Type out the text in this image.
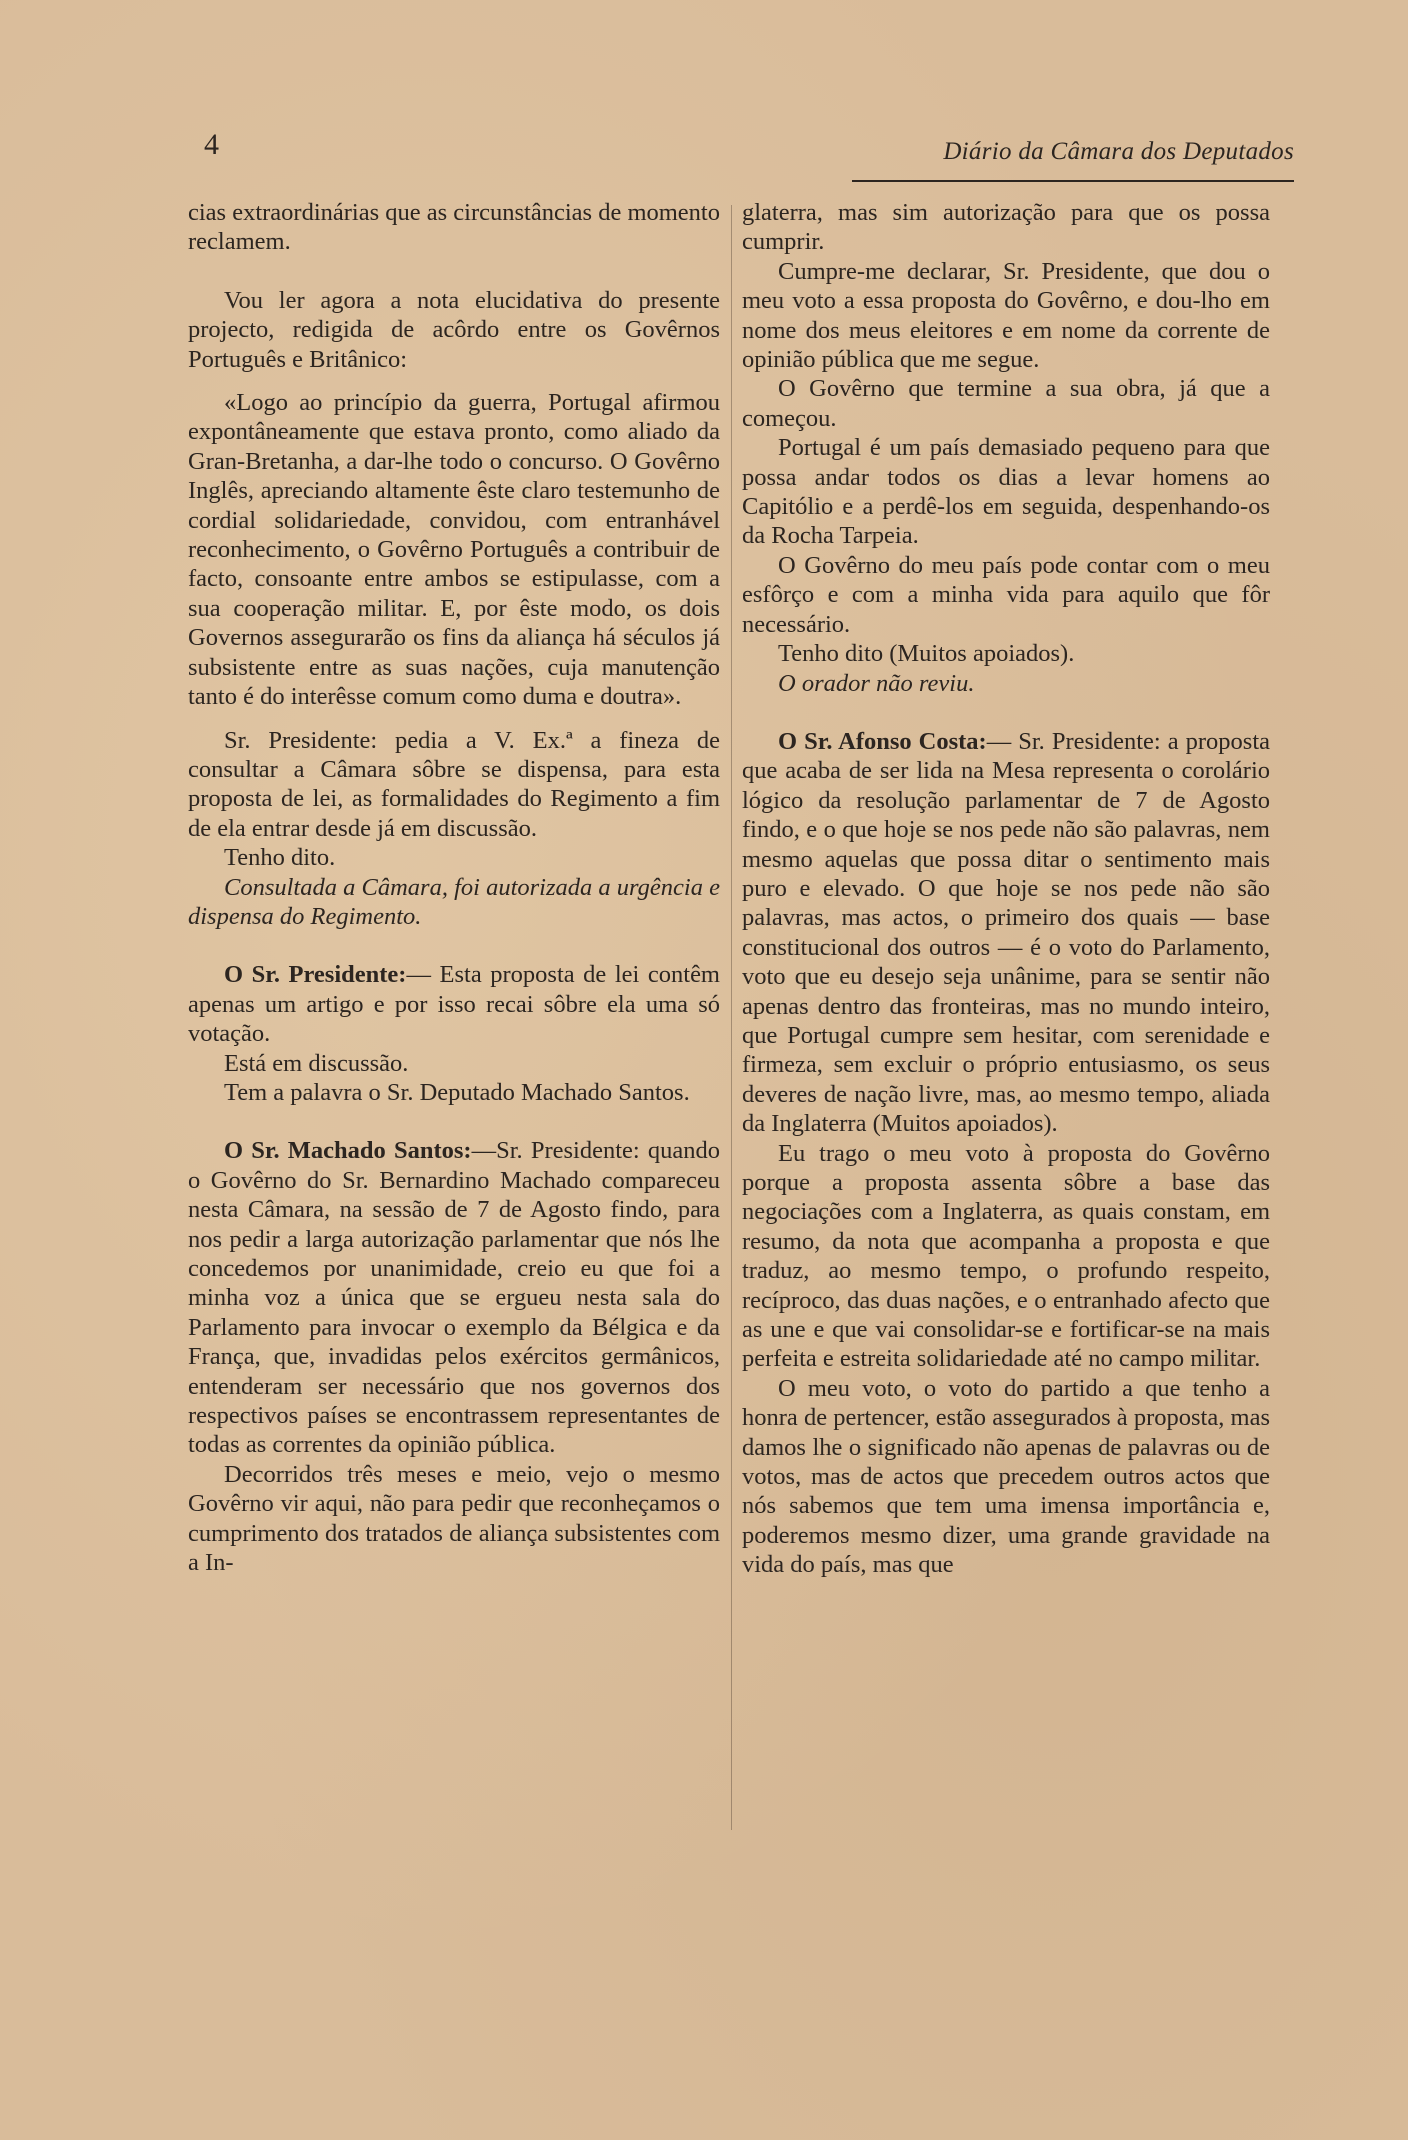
4	Diário da Câmara dos Deputados

cias extraordinárias que as circunstâncias de momento reclamem.

Vou ler agora a nota elucidativa do presente projecto, redigida de acôrdo entre os Govêrnos Português e Britânico:

«Logo ao princípio da guerra, Portugal afirmou expontâneamente que estava pronto, como aliado da Gran-Bretanha, a dar-lhe todo o concurso. O Govêrno Inglês, apreciando altamente êste claro testemunho de cordial solidariedade, convidou, com entranhável reconhecimento, o Govêrno Português a contribuir de facto, consoante entre ambos se estipulasse, com a sua cooperação militar. E, por êste modo, os dois Governos assegurarão os fins da aliança há séculos já subsistente entre as suas nações, cuja manutenção tanto é do interêsse comum como duma e doutra».

Sr. Presidente: pedia a V. Ex.ª a fineza de consultar a Câmara sôbre se dispensa, para esta proposta de lei, as formalidades do Regimento a fim de ela entrar desde já em discussão.

Tenho dito.

Consultada a Câmara, foi autorizada a urgência e dispensa do Regimento.

O Sr. Presidente:— Esta proposta de lei contêm apenas um artigo e por isso recai sôbre ela uma só votação.

Está em discussão.

Tem a palavra o Sr. Deputado Machado Santos.

O Sr. Machado Santos:—Sr. Presidente: quando o Govêrno do Sr. Bernardino Machado compareceu nesta Câmara, na sessão de 7 de Agosto findo, para nos pedir a larga autorização parlamentar que nós lhe concedemos por unanimidade, creio eu que foi a minha voz a única que se ergueu nesta sala do Parlamento para invocar o exemplo da Bélgica e da França, que, invadidas pelos exércitos germânicos, entenderam ser necessário que nos governos dos respectivos países se encontrassem representantes de todas as correntes da opinião pública.

Decorridos três meses e meio, vejo o mesmo Govêrno vir aqui, não para pedir que reconheçamos o cumprimento dos tratados de aliança subsistentes com a In-

glaterra, mas sim autorização para que os possa cumprir.

Cumpre-me declarar, Sr. Presidente, que dou o meu voto a essa proposta do Govêrno, e dou-lho em nome dos meus eleitores e em nome da corrente de opinião pública que me segue.

O Govêrno que termine a sua obra, já que a começou.

Portugal é um país demasiado pequeno para que possa andar todos os dias a levar homens ao Capitólio e a perdê-los em seguida, despenhando-os da Rocha Tarpeia.

O Govêrno do meu país pode contar com o meu esfôrço e com a minha vida para aquilo que fôr necessário.

Tenho dito (Muitos apoiados).

O orador não reviu.

O Sr. Afonso Costa:— Sr. Presidente: a proposta que acaba de ser lida na Mesa representa o corolário lógico da resolução parlamentar de 7 de Agosto findo, e o que hoje se nos pede não são palavras, nem mesmo aquelas que possa ditar o sentimento mais puro e elevado. O que hoje se nos pede não são palavras, mas actos, o primeiro dos quais — base constitucional dos outros — é o voto do Parlamento, voto que eu desejo seja unânime, para se sentir não apenas dentro das fronteiras, mas no mundo inteiro, que Portugal cumpre sem hesitar, com serenidade e firmeza, sem excluir o próprio entusiasmo, os seus deveres de nação livre, mas, ao mesmo tempo, aliada da Inglaterra (Muitos apoiados).

Eu trago o meu voto à proposta do Govêrno porque a proposta assenta sôbre a base das negociações com a Inglaterra, as quais constam, em resumo, da nota que acompanha a proposta e que traduz, ao mesmo tempo, o profundo respeito, recíproco, das duas nações, e o entranhado afecto que as une e que vai consolidar-se e fortificar-se na mais perfeita e estreita solidariedade até no campo militar.

O meu voto, o voto do partido a que tenho a honra de pertencer, estão assegurados à proposta, mas damos lhe o significado não apenas de palavras ou de votos, mas de actos que precedem outros actos que nós sabemos que tem uma imensa importância e, poderemos mesmo dizer, uma grande gravidade na vida do país, mas que
